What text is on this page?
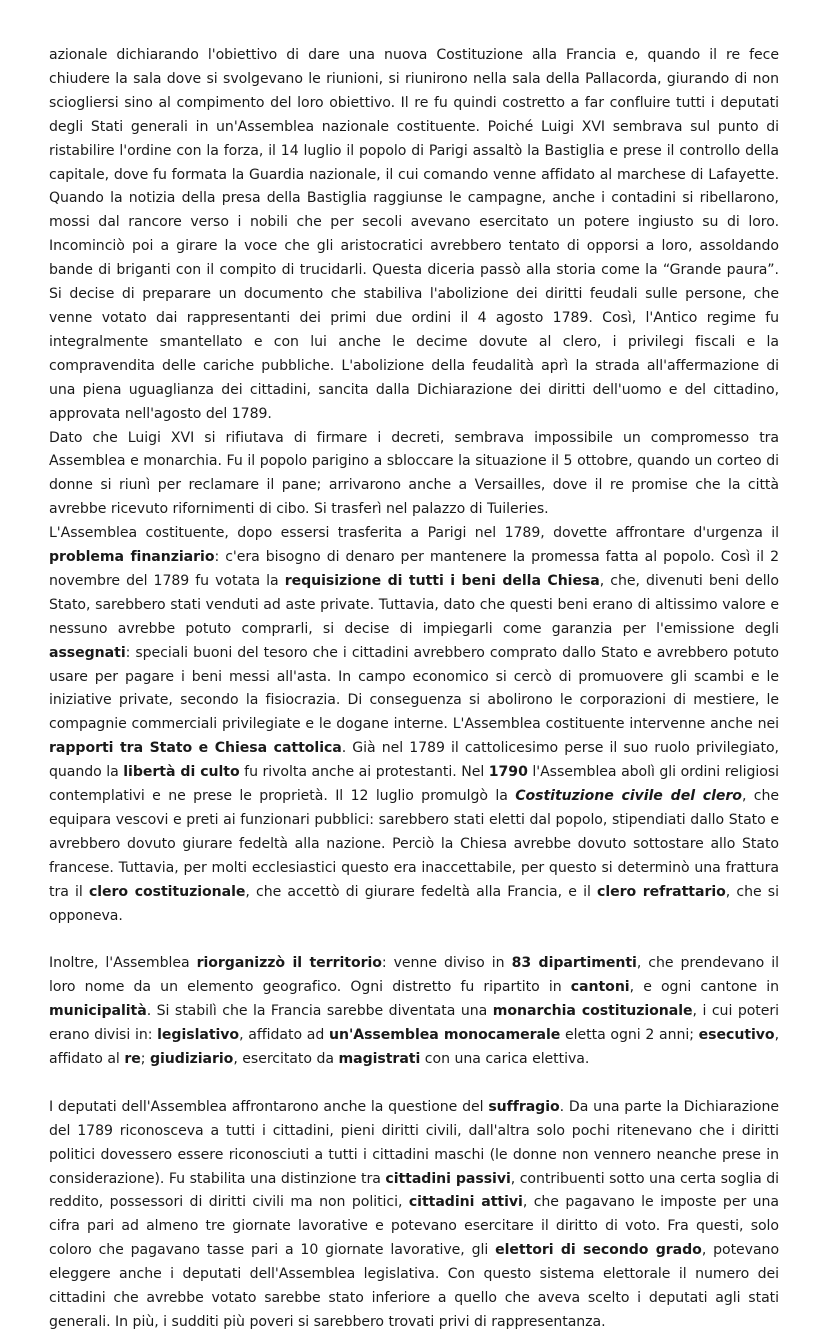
azionale dichiarando l'obiettivo di dare una nuova Costituzione alla Francia e, quando il re fece chiudere la sala dove si svolgevano le riunioni, si riunirono nella sala della Pallacorda, giurando di non sciogliersi sino al compimento del loro obiettivo. Il re fu quindi costretto a far confluire tutti i deputati degli Stati generali in un'Assemblea nazionale costituente. Poiché Luigi XVI sembrava sul punto di ristabilire l'ordine con la forza, il 14 luglio il popolo di Parigi assaltò la Bastiglia e prese il controllo della capitale, dove fu formata la Guardia nazionale, il cui comando venne affidato al marchese di Lafayette. Quando la notizia della presa della Bastiglia raggiunse le campagne, anche i contadini si ribellarono, mossi dal rancore verso i nobili che per secoli avevano esercitato un potere ingiusto su di loro. Incominciò poi a girare la voce che gli aristocratici avrebbero tentato di opporsi a loro, assoldando bande di briganti con il compito di trucidarli. Questa diceria passò alla storia come la “Grande paura”. Si decise di preparare un documento che stabiliva l'abolizione dei diritti feudali sulle persone, che venne votato dai rappresentanti dei primi due ordini il 4 agosto 1789. Così, l'Antico regime fu integralmente smantellato e con lui anche le decime dovute al clero, i privilegi fiscali e la compravendita delle cariche pubbliche. L'abolizione della feudalità aprì la strada all'affermazione di una piena uguaglianza dei cittadini, sancita dalla Dichiarazione dei diritti dell'uomo e del cittadino, approvata nell'agosto del 1789.

Dato che Luigi XVI si rifiutava di firmare i decreti, sembrava impossibile un compromesso tra Assemblea e monarchia. Fu il popolo parigino a sbloccare la situazione il 5 ottobre, quando un corteo di donne si riunì per reclamare il pane; arrivarono anche a Versailles, dove il re promise che la città avrebbe ricevuto rifornimenti di cibo. Si trasferì nel palazzo di Tuileries.

L'Assemblea costituente, dopo essersi trasferita a Parigi nel 1789, dovette affrontare d'urgenza il problema finanziario: c'era bisogno di denaro per mantenere la promessa fatta al popolo. Così il 2 novembre del 1789 fu votata la requisizione di tutti i beni della Chiesa, che, divenuti beni dello Stato, sarebbero stati venduti ad aste private. Tuttavia, dato che questi beni erano di altissimo valore e nessuno avrebbe potuto comprarli, si decise di impiegarli come garanzia per l'emissione degli assegnati: speciali buoni del tesoro che i cittadini avrebbero comprato dallo Stato e avrebbero potuto usare per pagare i beni messi all'asta. In campo economico si cercò di promuovere gli scambi e le iniziative private, secondo la fisiocrazia. Di conseguenza si abolirono le corporazioni di mestiere, le compagnie commerciali privilegiate e le dogane interne. L'Assemblea costituente intervenne anche nei rapporti tra Stato e Chiesa cattolica. Già nel 1789 il cattolicesimo perse il suo ruolo privilegiato, quando la libertà di culto fu rivolta anche ai protestanti. Nel 1790 l'Assemblea abolì gli ordini religiosi contemplativi e ne prese le proprietà. Il 12 luglio promulgò la Costituzione civile del clero, che equipara vescovi e preti ai funzionari pubblici: sarebbero stati eletti dal popolo, stipendiati dallo Stato e avrebbero dovuto giurare fedeltà alla nazione. Perciò la Chiesa avrebbe dovuto sottostare allo Stato francese. Tuttavia, per molti ecclesiastici questo era inaccettabile, per questo si determinò una frattura tra il clero costituzionale, che accettò di giurare fedeltà alla Francia, e il clero refrattario, che si opponeva.

Inoltre, l'Assemblea riorganizzò il territorio: venne diviso in 83 dipartimenti, che prendevano il loro nome da un elemento geografico. Ogni distretto fu ripartito in cantoni, e ogni cantone in municipalità. Si stabilì che la Francia sarebbe diventata una monarchia costituzionale, i cui poteri erano divisi in: legislativo, affidato ad un'Assemblea monocamerale eletta ogni 2 anni; esecutivo, affidato al re; giudiziario, esercitato da magistrati con una carica elettiva.

I deputati dell'Assemblea affrontarono anche la questione del suffragio. Da una parte la Dichiarazione del 1789 riconosceva a tutti i cittadini, pieni diritti civili, dall'altra solo pochi ritenevano che i diritti politici dovessero essere riconosciuti a tutti i cittadini maschi (le donne non vennero neanche prese in considerazione). Fu stabilita una distinzione tra cittadini passivi, contribuenti sotto una certa soglia di reddito, possessori di diritti civili ma non politici, cittadini attivi, che pagavano le imposte per una cifra pari ad almeno tre giornate lavorative e potevano esercitare il diritto di voto. Fra questi, solo coloro che pagavano tasse pari a 10 giornate lavorative, gli elettori di secondo grado, potevano eleggere anche i deputati dell'Assemblea legislativa. Con questo sistema elettorale il numero dei cittadini che avrebbe votato sarebbe stato inferiore a quello che aveva scelto i deputati agli stati generali. In più, i sudditi più poveri si sarebbero trovati privi di rappresentanza.
